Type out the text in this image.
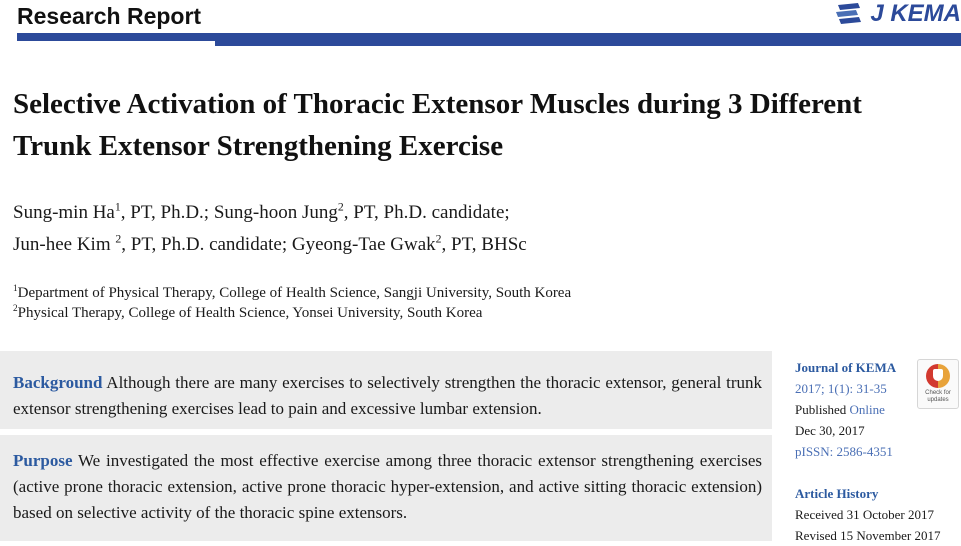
Research Report	J KEMA
Selective Activation of Thoracic Extensor Muscles during 3 Different
Trunk Extensor Strengthening Exercise
Sung-min Ha$^1$, PT, Ph.D.; Sung-hoon Jung$^2$, PT, Ph.D. candidate;
Jun-hee Kim $^2$, PT, Ph.D. candidate; Gyeong-Tae Gwak$^2$, PT, BHSc
$^1$Department of Physical Therapy, College of Health Science, Sangji University, South Korea
$^2$Physical Therapy, College of Health Science, Yonsei University, South Korea
Background Although there are many exercises to selectively strengthen the thoracic extensor, general trunk extensor strengthening exercises lead to pain and excessive lumbar extension.
Purpose We investigated the most effective exercise among three thoracic extensor strengthening exercises (active prone thoracic extension, active prone thoracic hyper-extension, and active sitting thoracic extension) based on selective activity of the thoracic spine extensors.
Journal of KEMA
2017; 1(1): 31-35
Published Online
Dec 30, 2017
pISSN: 2586-4351
Article History
Received 31 October 2017
Revised 15 November 2017
Check for
updates
